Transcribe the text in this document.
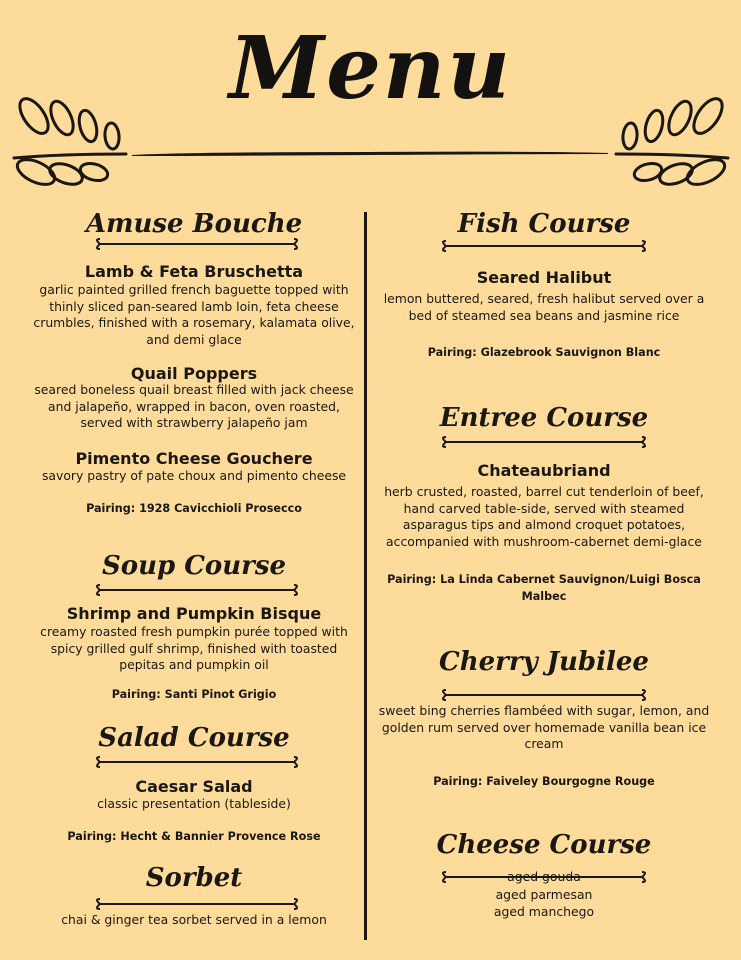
Menu
Amuse Bouche
Lamb & Feta Bruschetta
garlic painted grilled french baguette topped with thinly sliced pan-seared lamb loin, feta cheese crumbles, finished with a rosemary, kalamata olive, and demi glace
Quail Poppers
seared boneless quail breast filled with jack cheese and jalapeño, wrapped in bacon, oven roasted, served with strawberry jalapeño jam
Pimento Cheese Gouchere
savory pastry of pate choux and pimento cheese
Pairing: 1928 Cavicchioli Prosecco
Soup Course
Shrimp and Pumpkin Bisque
creamy roasted fresh pumpkin purée topped with spicy grilled gulf shrimp, finished with toasted pepitas and pumpkin oil
Pairing: Santi Pinot Grigio
Salad Course
Caesar Salad
classic presentation (tableside)
Pairing: Hecht & Bannier Provence Rose
Sorbet
chai & ginger tea sorbet served in a lemon
Fish Course
Seared Halibut
lemon buttered, seared, fresh halibut served over a bed of steamed sea beans and jasmine rice
Pairing: Glazebrook Sauvignon Blanc
Entree Course
Chateaubriand
herb crusted, roasted, barrel cut tenderloin of beef, hand carved table-side, served with steamed asparagus tips and almond croquet potatoes, accompanied with mushroom-cabernet demi-glace
Pairing: La Linda Cabernet Sauvignon/Luigi Bosca Malbec
Cherry Jubilee
sweet bing cherries flambéed with sugar, lemon, and golden rum served over homemade vanilla bean ice cream
Pairing: Faiveley Bourgogne Rouge
Cheese Course
aged gouda
aged parmesan
aged manchego
